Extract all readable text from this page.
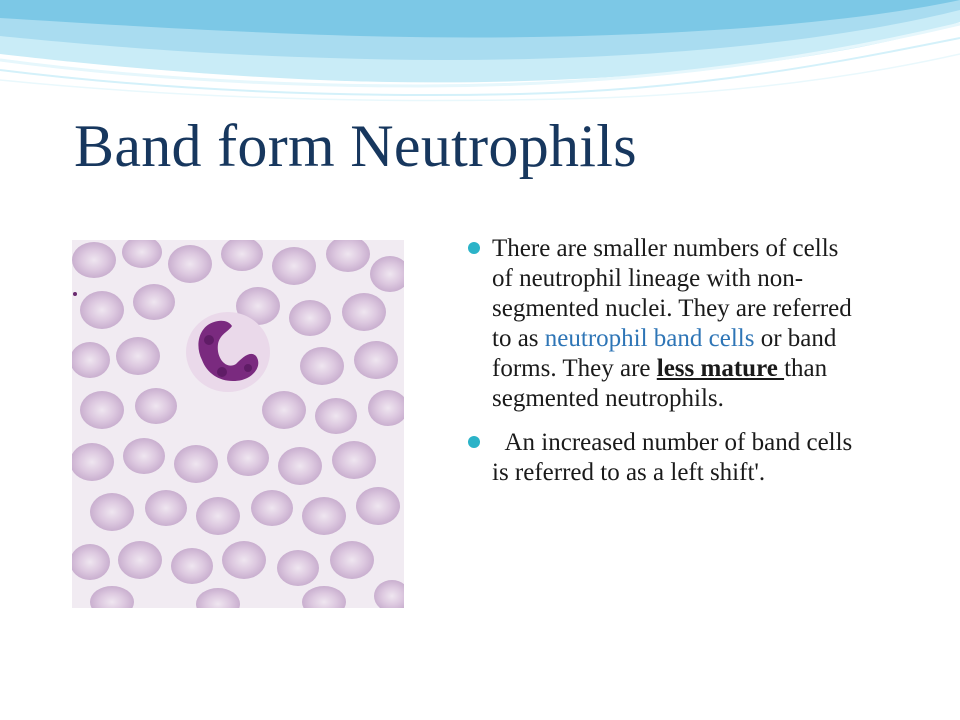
Band form Neutrophils
There are smaller numbers of cells of neutrophil lineage with non-segmented nuclei. They are referred to as neutrophil band cells or band forms. They are less mature than segmented neutrophils.
An increased number of band cells is referred to as a left shift'.
